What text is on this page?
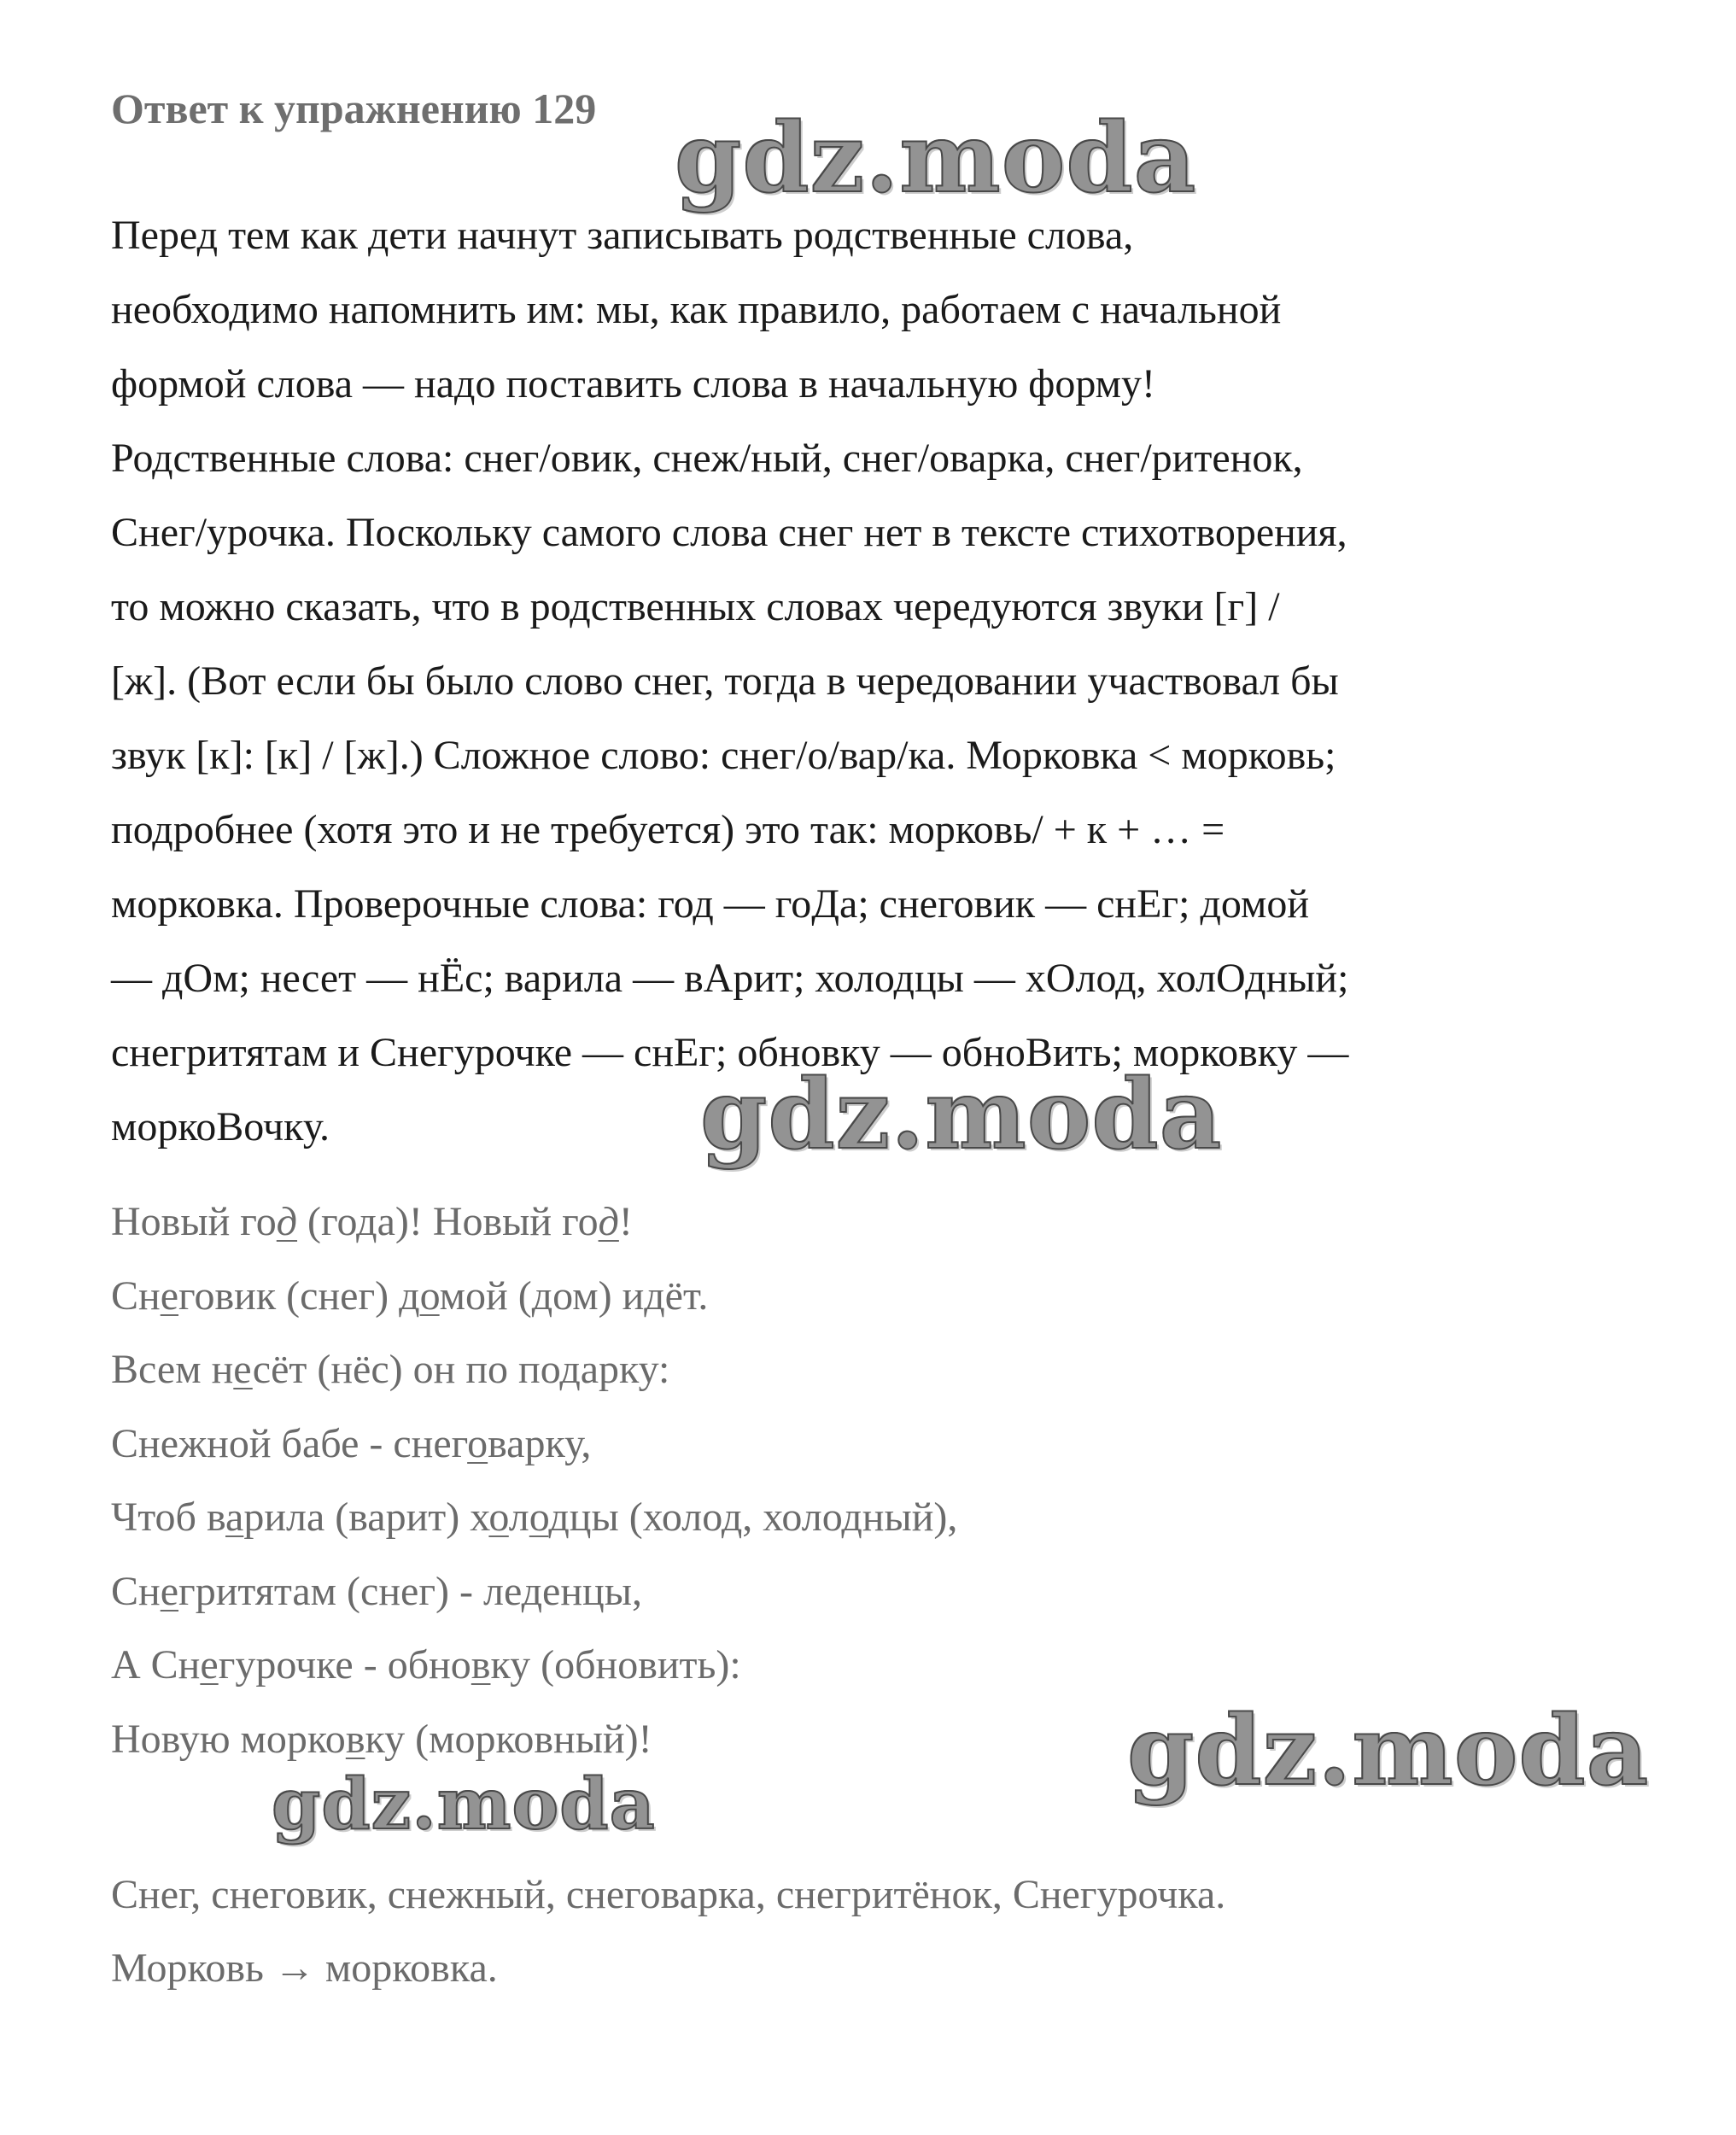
Ответ к упражнению 129 gdz.moda
Перед тем как дети начнут записывать родственные слова,
необходимо напомнить им: мы, как правило, работаем с начальной
формой слова — надо поставить слова в начальную форму!
Родственные слова: снег/овик, снеж/ный, снег/оварка, снег/ритенок,
Снег/урочка. Поскольку самого слова снег нет в тексте стихотворения,
то можно сказать, что в родственных словах чередуются звуки [г] /
[ж]. (Вот если бы было слово снег, тогда в чередовании участвовал бы
звук [к]: [к] / [ж].) Сложное слово: снег/о/вар/ка. Морковка < морковь;
подробнее (хотя это и не требуется) это так: морковь/ + к + … =
морковка. Проверочные слова: год — гоДа; снеговик — снЕг; домой
— дОм; несет — нЁс; варила — вАрит; холодцы — хОлод, холОдный;
снегритятам и Снегурочке — снЕг; обновку — обноВить; морковку —
моркоВочку.	gdz.moda
Новый год (года)! Новый год!
Снеговик (снег) домой (дом) идёт.
Всем несёт (нёс) он по подарку:
Снежной бабе - снеговарку,
Чтоб варила (варит) холодцы (холод, холодный),
Снегритятам (снег) - леденцы,
А Снегурочке - обновку (обновить):
Новую морковку (морковный)!	gdz.moda
gdz.moda
Снег, снеговик, снежный, снеговарка, снегритёнок, Снегурочка.
Морковь → морковка.
